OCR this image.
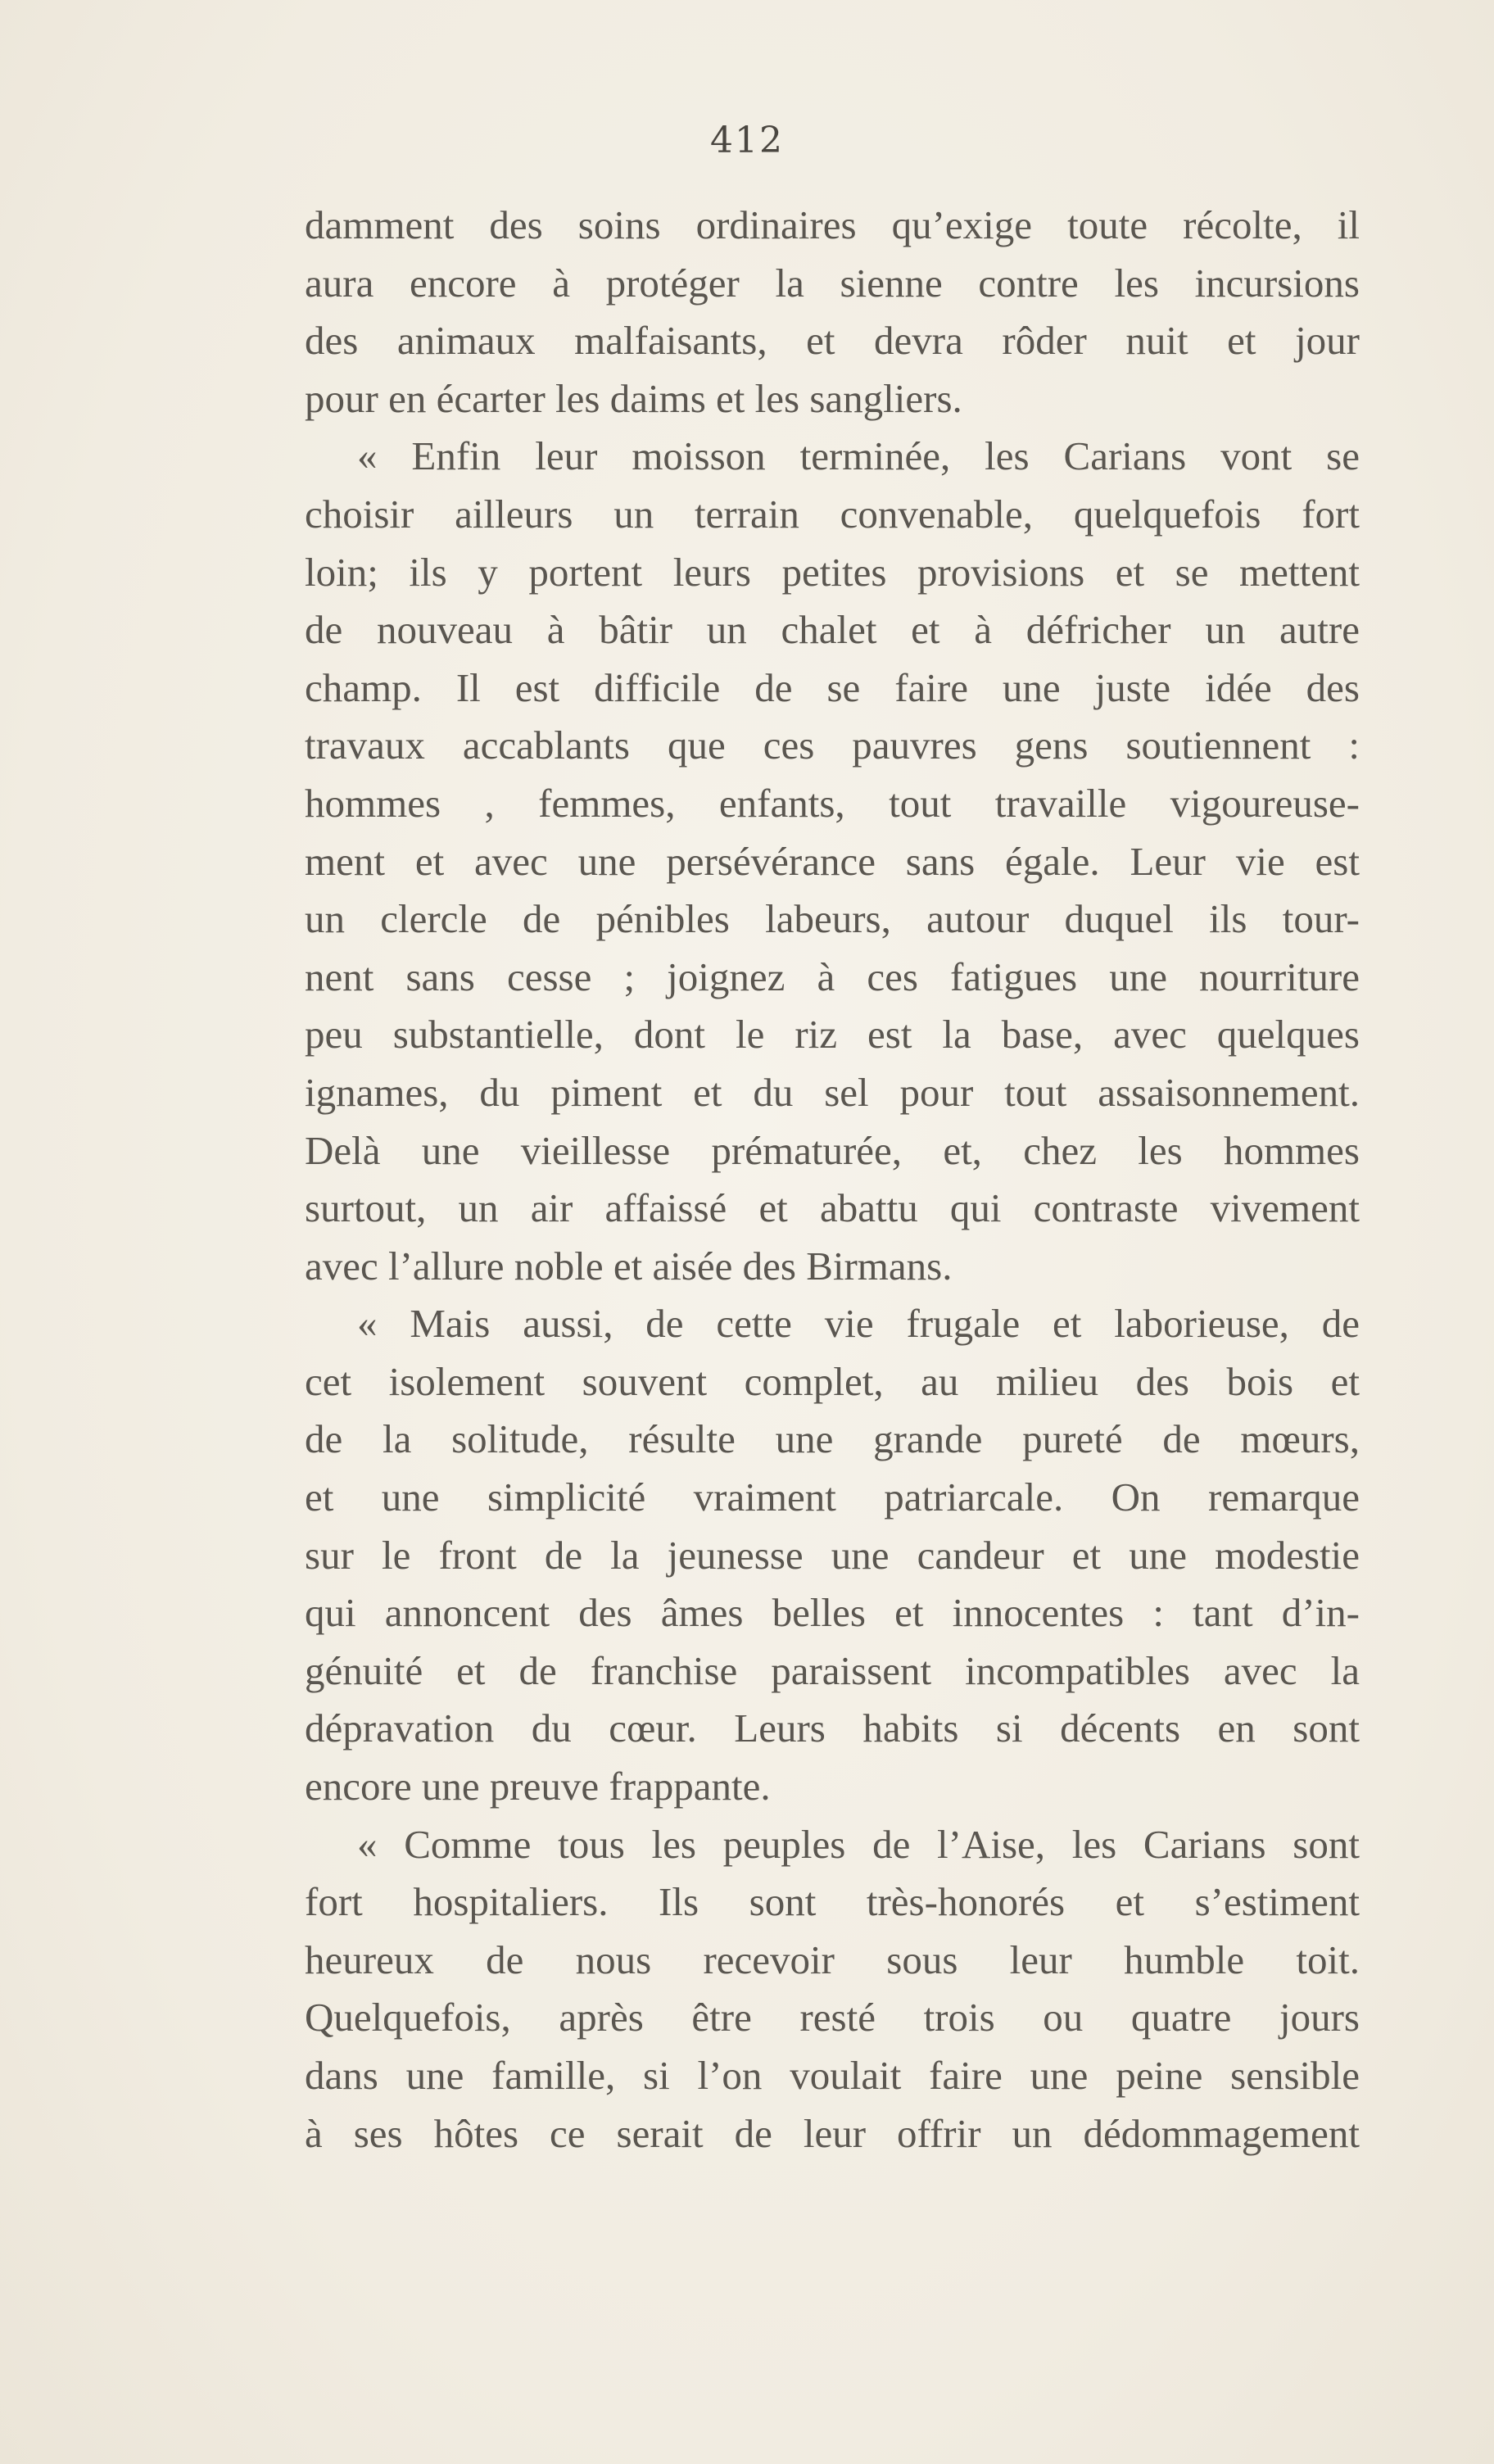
412
damment des soins ordinaires qu’exige toute récolte, il
aura encore à protéger la sienne contre les incursions
des animaux malfaisants, et devra rôder nuit et jour
pour en écarter les daims et les sangliers.
« Enfin leur moisson terminée, les Carians vont se
choisir ailleurs un terrain convenable, quelquefois fort
loin; ils y portent leurs petites provisions et se mettent
de nouveau à bâtir un chalet et à défricher un autre
champ. Il est difficile de se faire une juste idée des
travaux accablants que ces pauvres gens soutiennent :
hommes , femmes, enfants, tout travaille vigoureuse-
ment et avec une persévérance sans égale. Leur vie est
un clercle de pénibles labeurs, autour duquel ils tour-
nent sans cesse ; joignez à ces fatigues une nourriture
peu substantielle, dont le riz est la base, avec quelques
ignames, du piment et du sel pour tout assaisonnement.
Delà une vieillesse prématurée, et, chez les hommes
surtout, un air affaissé et abattu qui contraste vivement
avec l’allure noble et aisée des Birmans.
« Mais aussi, de cette vie frugale et laborieuse, de
cet isolement souvent complet, au milieu des bois et
de la solitude, résulte une grande pureté de mœurs,
et une simplicité vraiment patriarcale. On remarque
sur le front de la jeunesse une candeur et une modestie
qui annoncent des âmes belles et innocentes : tant d’in-
génuité et de franchise paraissent incompatibles avec la
dépravation du cœur. Leurs habits si décents en sont
encore une preuve frappante.
« Comme tous les peuples de l’Aise, les Carians sont
fort hospitaliers. Ils sont très-honorés et s’estiment
heureux de nous recevoir sous leur humble toit.
Quelquefois, après être resté trois ou quatre jours
dans une famille, si l’on voulait faire une peine sensible
à ses hôtes ce serait de leur offrir un dédommagement
